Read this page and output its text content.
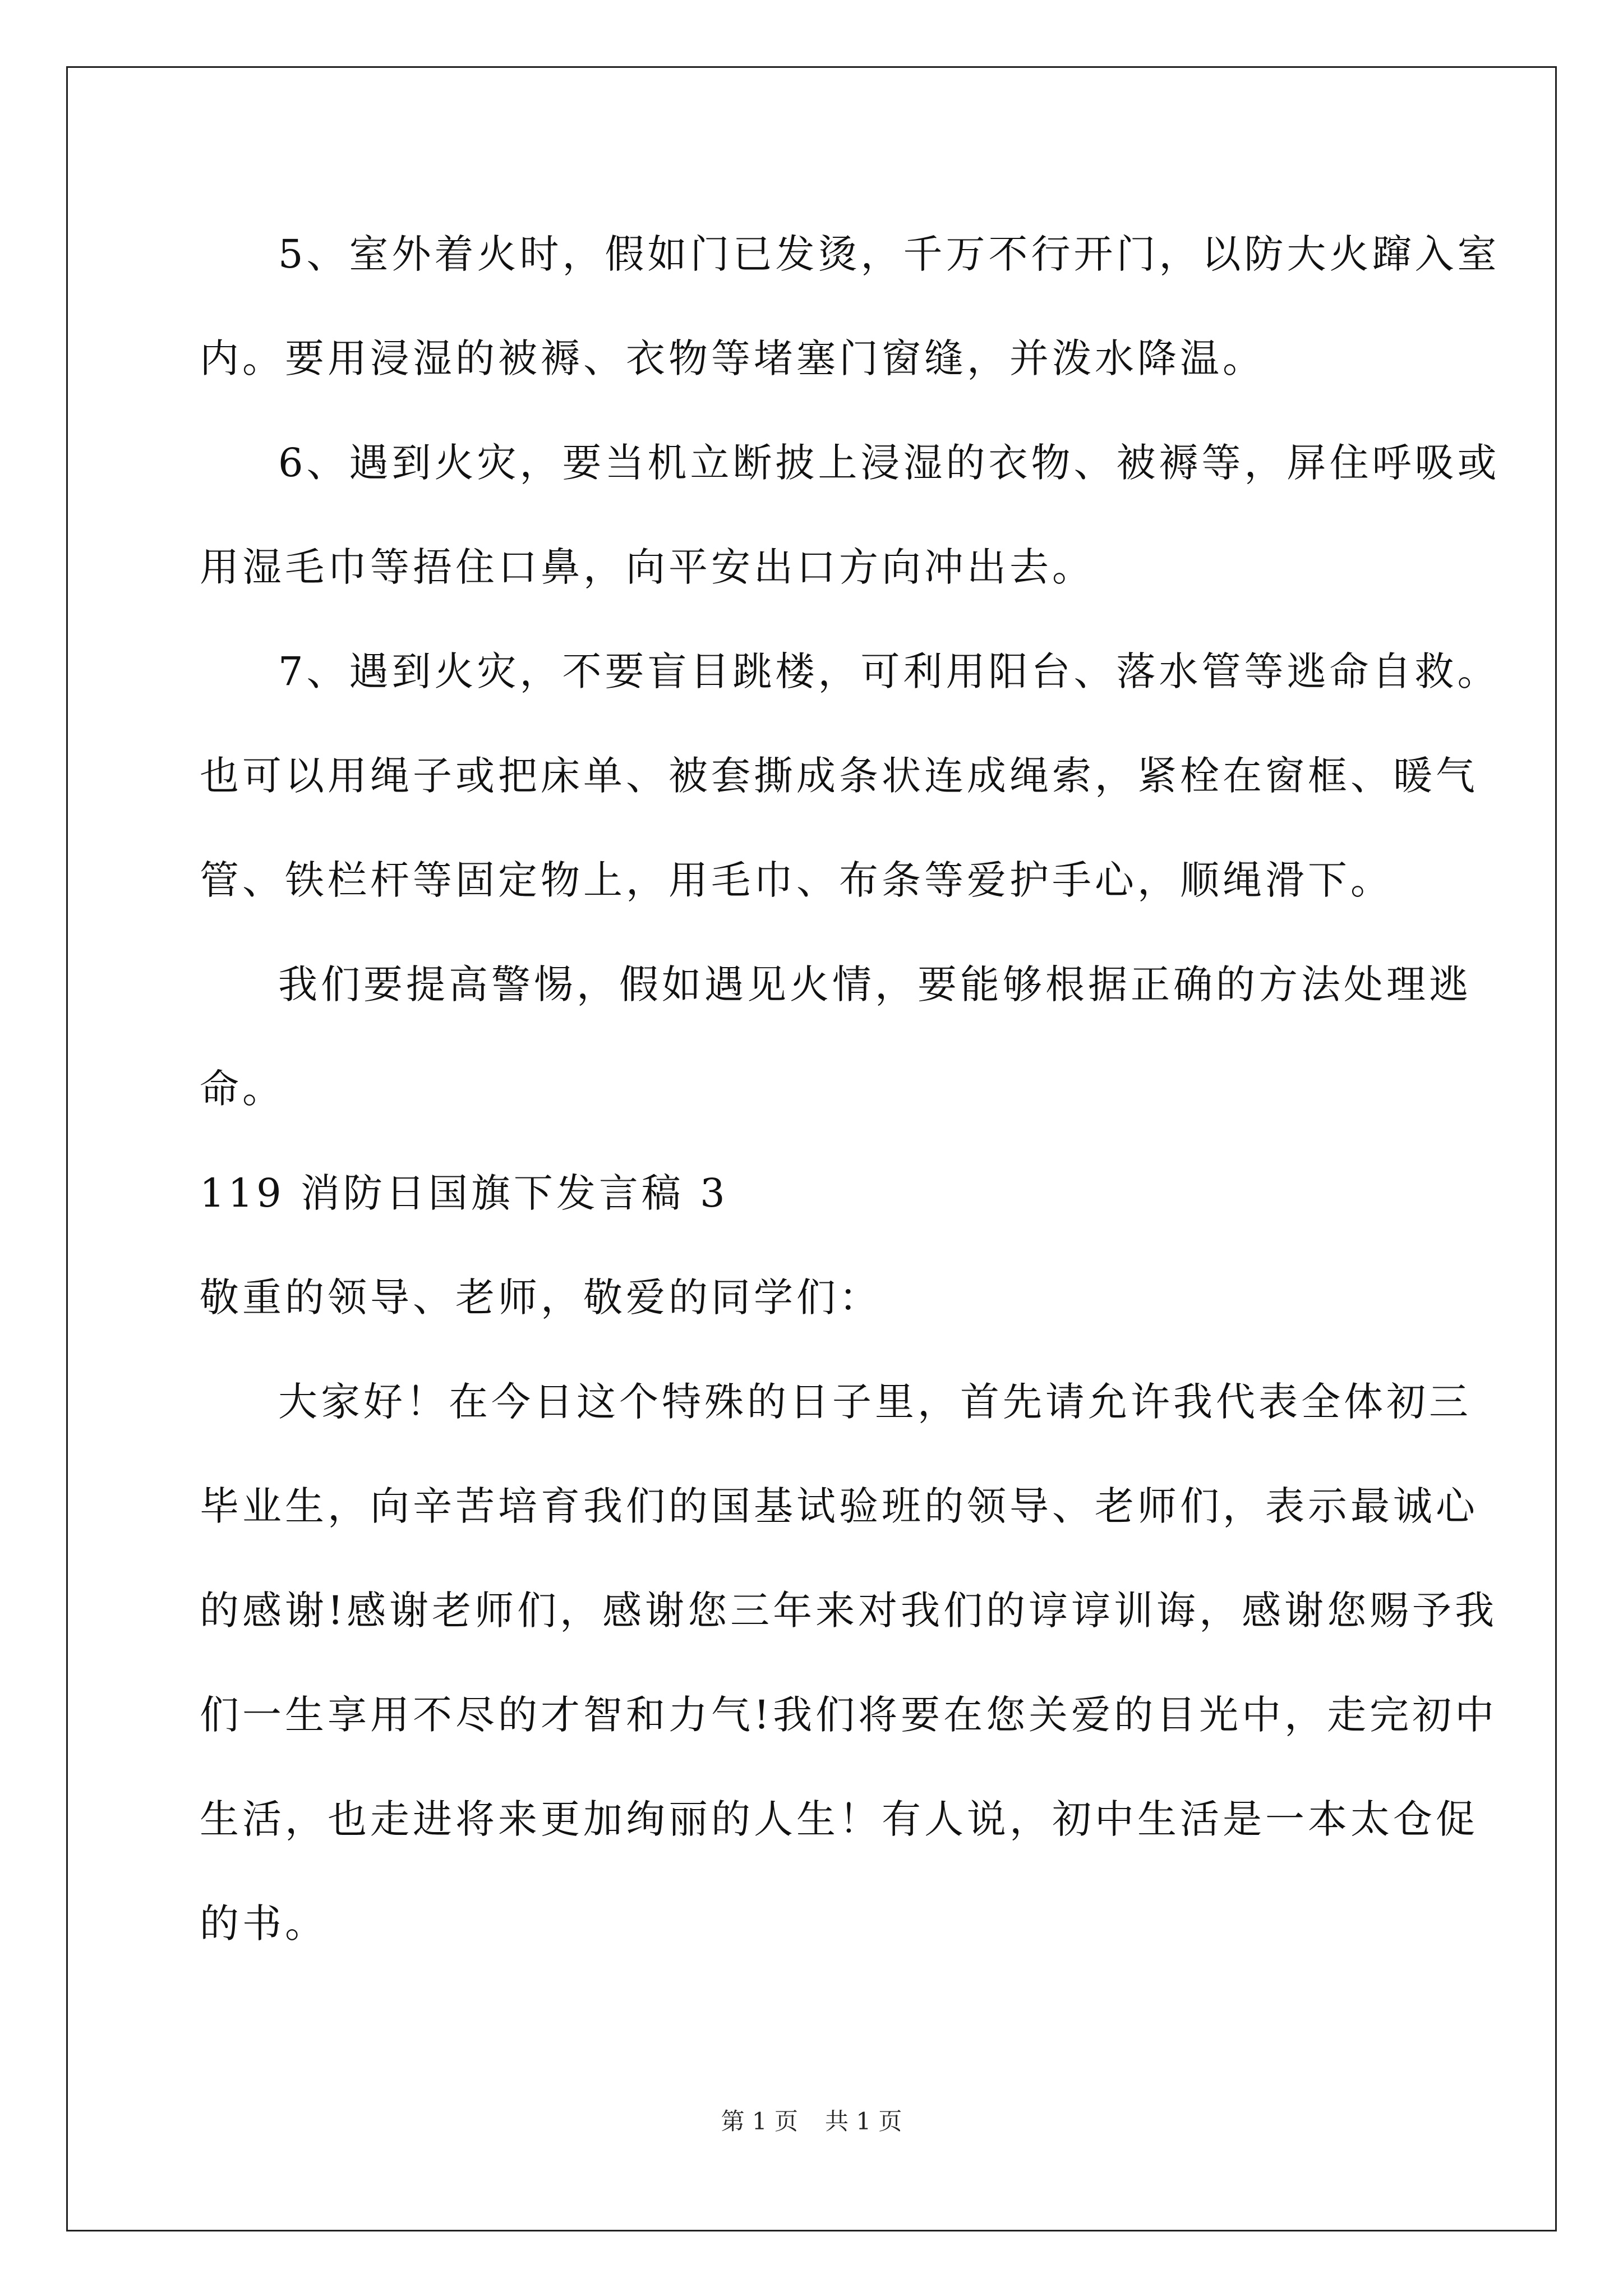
5、室外着火时，假如门已发烫，千万不行开门，以防大火蹿入室
内。要用浸湿的被褥、衣物等堵塞门窗缝，并泼水降温。
6、遇到火灾，要当机立断披上浸湿的衣物、被褥等，屏住呼吸或
用湿毛巾等捂住口鼻，向平安出口方向冲出去。
7、遇到火灾，不要盲目跳楼，可利用阳台、落水管等逃命自救。
也可以用绳子或把床单、被套撕成条状连成绳索，紧栓在窗框、暖气
管、铁栏杆等固定物上，用毛巾、布条等爱护手心，顺绳滑下。
我们要提高警惕，假如遇见火情，要能够根据正确的方法处理逃
命。
119 消防日国旗下发言稿 3
敬重的领导、老师，敬爱的同学们：
大家好！在今日这个特殊的日子里，首先请允许我代表全体初三
毕业生，向辛苦培育我们的国基试验班的领导、老师们，表示最诚心
的感谢!感谢老师们，感谢您三年来对我们的谆谆训诲，感谢您赐予我
们一生享用不尽的才智和力气!我们将要在您关爱的目光中，走完初中
生活，也走进将来更加绚丽的人生！有人说，初中生活是一本太仓促
的书。
第 1 页 共 1 页
